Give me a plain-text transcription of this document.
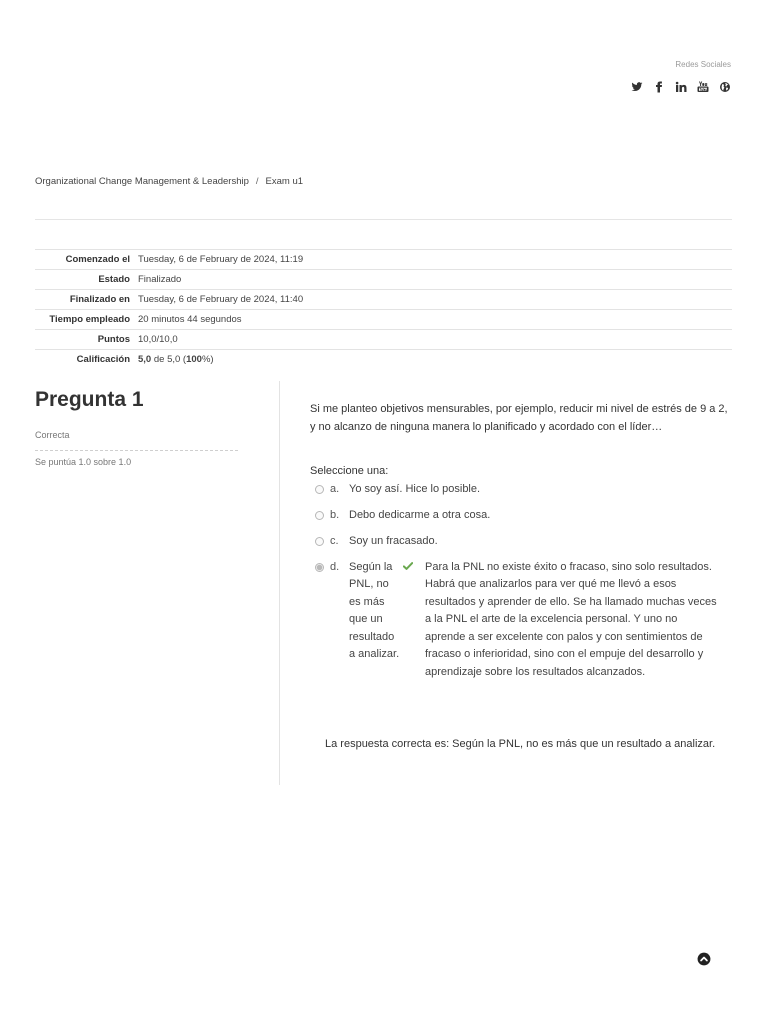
Redes Sociales
Organizational Change Management & Leadership / Exam u1
Comenzado el	Tuesday, 6 de February de 2024, 11:19
Estado	Finalizado
Finalizado en	Tuesday, 6 de February de 2024, 11:40
Tiempo empleado	20 minutos 44 segundos
Puntos	10,0/10,0
Calificación	5,0 de 5,0 (100%)
Pregunta 1
Correcta
Se puntúa 1.0 sobre 1.0

Si me planteo objetivos mensurables, por ejemplo, reducir mi nivel de estrés de 9 a 2, y no alcanzo de ninguna manera lo planificado y acordado con el líder…

Seleccione una:

a. Yo soy así. Hice lo posible.
b. Debo dedicarme a otra cosa.
c. Soy un fracasado.
d. Según la PNL, no es más que un resultado a analizar.
Para la PNL no existe éxito o fracaso, sino solo resultados. Habrá que analizarlos para ver qué me llevó a esos resultados y aprender de ello. Se ha llamado muchas veces a la PNL el arte de la excelencia personal. Y uno no aprende a ser excelente con palos y con sentimientos de fracaso o inferioridad, sino con el empuje del desarrollo y aprendizaje sobre los resultados alcanzados.
La respuesta correcta es: Según la PNL, no es más que un resultado a analizar.
